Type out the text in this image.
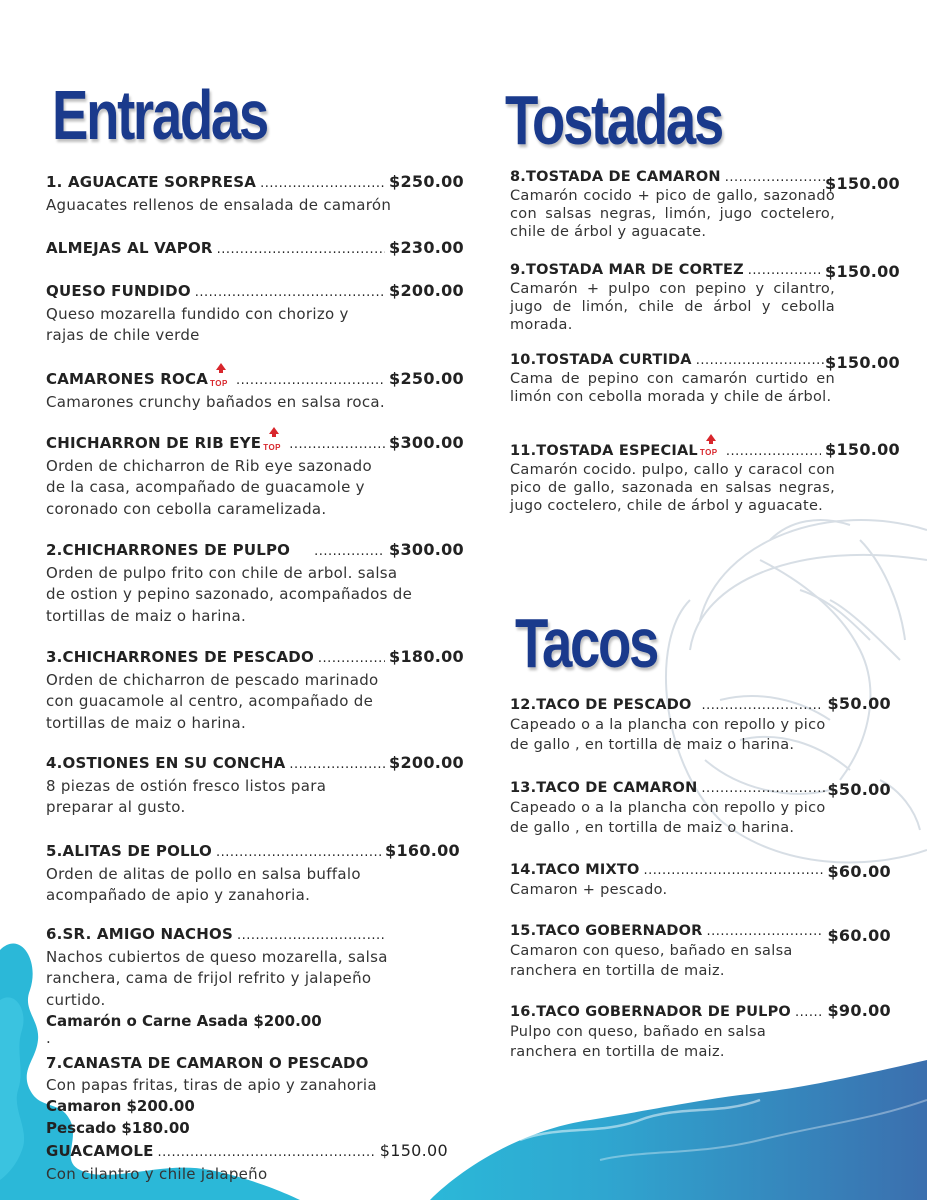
Entradas	Tostadas
Tacos
1. AGUACATE SORPRESA .....	$250.00
Aguacates rellenos de ensalada de camarón
ALMEJAS AL VAPOR .....	$230.00
QUESO FUNDIDO .....	$200.00
Queso mozarella fundido con chorizo y rajas de chile verde
CAMARONES ROCA TOP .....	$250.00
Camarones crunchy bañados en salsa roca.
CHICHARRON DE RIB EYE TOP .....	$300.00
Orden de chicharron de Rib eye sazonado de la casa, acompañado de guacamole y coronado con cebolla caramelizada.
2.CHICHARRONES DE PULPO .....	$300.00
Orden de pulpo frito con chile de arbol. salsa de ostion y pepino sazonado, acompañados de tortillas de maiz o harina.
3.CHICHARRONES DE PESCADO .....	$180.00
Orden de chicharron de pescado marinado con guacamole al centro, acompañado de tortillas de maiz o harina.
4.OSTIONES EN SU CONCHA .....	$200.00
8 piezas de ostión fresco listos para preparar al gusto.
5.ALITAS DE POLLO .....	$160.00
Orden de alitas de pollo en salsa buffalo acompañado de apio y zanahoria.
6.SR. AMIGO NACHOS
.....
Nachos cubiertos de queso mozarella, salsa ranchera, cama de frijol refrito y jalapeño curtido.
Camarón o Carne Asada $200.00
.
7.CANASTA DE CAMARON O PESCADO
Con papas fritas, tiras de apio y zanahoria
Camaron $200.00
Pescado $180.00
GUACAMOLE .....	$150.00
Con cilantro y chile jalapeño
8.TOSTADA DE CAMARON .....	$150.00
Camarón cocido + pico de gallo, sazonado con salsas negras, limón, jugo coctelero, chile de árbol y aguacate.
9.TOSTADA MAR DE CORTEZ .....	$150.00
Camarón + pulpo con pepino y cilantro, jugo de limón, chile de árbol y cebolla morada.
10.TOSTADA CURTIDA .....	$150.00
Cama de pepino con camarón curtido en limón con cebolla morada y chile de árbol.
11.TOSTADA ESPECIAL TOP .....	$150.00
Camarón cocido. pulpo, callo y caracol con pico de gallo, sazonada en salsas negras, jugo coctelero, chile de árbol y aguacate.
12.TACO DE PESCADO .....	$50.00
Capeado o a la plancha con repollo y pico de gallo , en tortilla de maiz o harina.
13.TACO DE CAMARON .....	$50.00
Capeado o a la plancha con repollo y pico de gallo , en tortilla de maiz o harina.
14.TACO MIXTO .....	$60.00
Camaron + pescado.
15.TACO GOBERNADOR .....	$60.00
Camaron con queso, bañado en salsa ranchera en tortilla de maiz.
16.TACO GOBERNADOR DE PULPO ..... $90.00
Pulpo con queso, bañado en salsa ranchera en tortilla de maiz.
